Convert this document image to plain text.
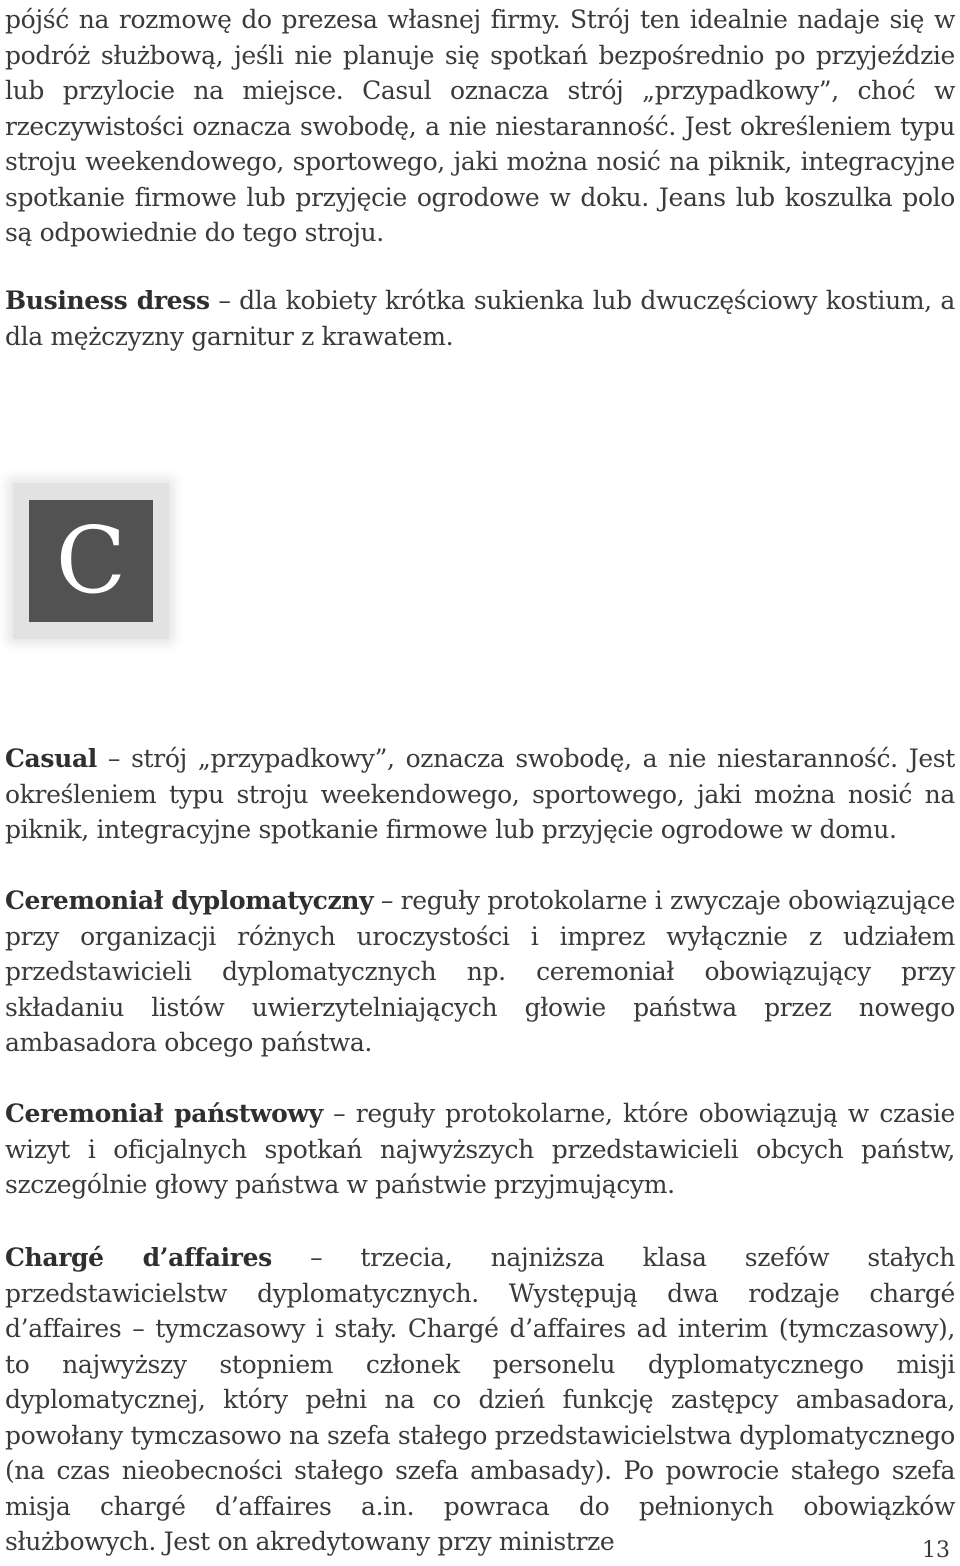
pójść na rozmowę do prezesa własnej firmy. Strój ten idealnie nadaje się w podróż służbową, jeśli nie planuje się spotkań bezpośrednio po przyjeździe lub przylocie na miejsce. Casul oznacza strój „przypadkowy”, choć w rzeczywistości oznacza swobodę, a nie niestaranność. Jest określeniem typu stroju weekendowego, sportowego, jaki można nosić na piknik, integracyjne spotkanie firmowe lub przyjęcie ogrodowe w doku. Jeans lub koszulka polo są odpowiednie do tego stroju.

Business dress – dla kobiety krótka sukienka lub dwuczęściowy kostium, a dla mężczyzny garnitur z krawatem.

C

Casual – strój „przypadkowy”, oznacza swobodę, a nie niestaranność. Jest określeniem typu stroju weekendowego, sportowego, jaki można nosić na piknik, integracyjne spotkanie firmowe lub przyjęcie ogrodowe w domu.

Ceremoniał dyplomatyczny – reguły protokolarne i zwyczaje obowiązujące przy organizacji różnych uroczystości i imprez wyłącznie z udziałem przedstawicieli dyplomatycznych np. ceremoniał obowiązujący przy składaniu listów uwierzytelniających głowie państwa przez nowego ambasadora obcego państwa.

Ceremoniał państwowy – reguły protokolarne, które obowiązują w czasie wizyt i oficjalnych spotkań najwyższych przedstawicieli obcych państw, szczególnie głowy państwa w państwie przyjmującym.

Chargé d’affaires – trzecia, najniższa klasa szefów stałych przedstawicielstw dyplomatycznych. Występują dwa rodzaje chargé d’affaires – tymczasowy i stały. Chargé d’affaires ad interim (tymczasowy), to najwyższy stopniem członek personelu dyplomatycznego misji dyplomatycznej, który pełni na co dzień funkcję zastępcy ambasadora, powołany tymczasowo na szefa stałego przedstawicielstwa dyplomatycznego (na czas nieobecności stałego szefa ambasady). Po powrocie stałego szefa misja chargé d’affaires a.in. powraca do pełnionych obowiązków służbowych. Jest on akredytowany przy ministrze	13
